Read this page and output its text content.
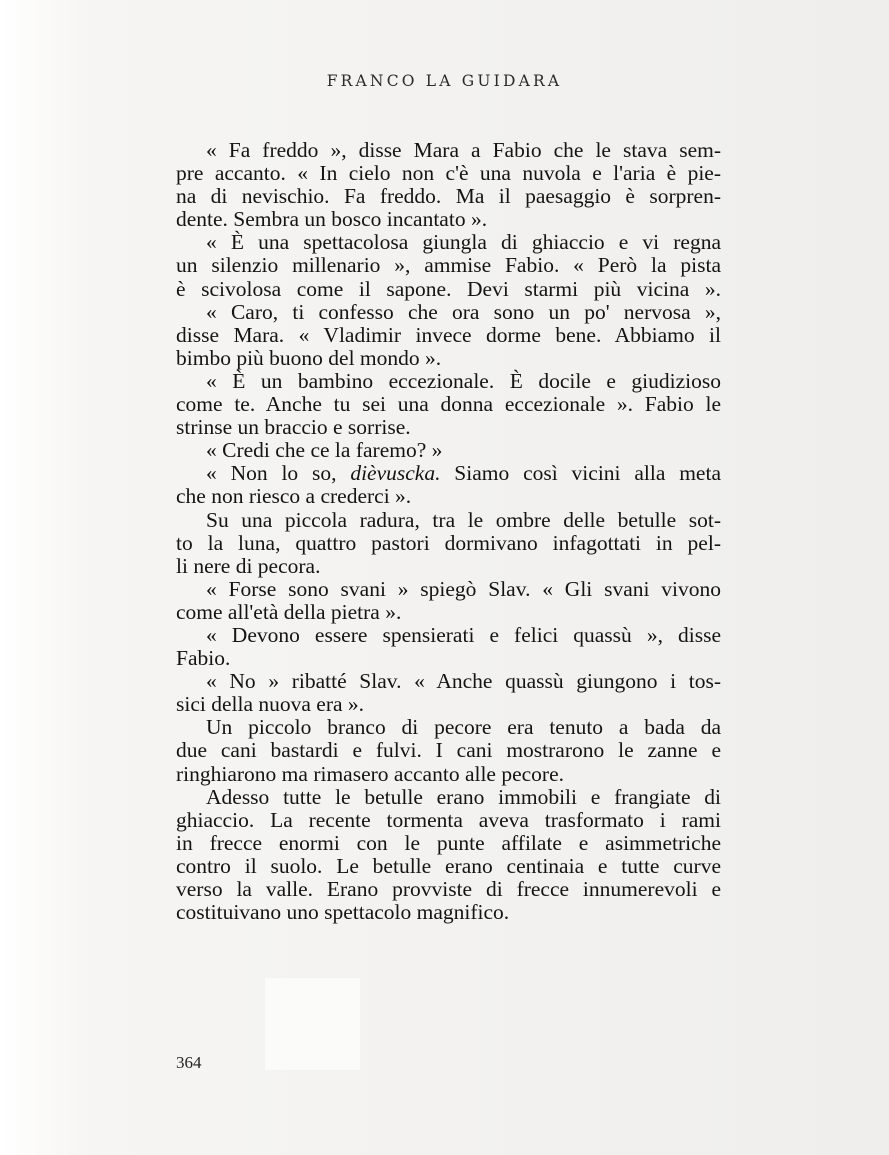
FRANCO LA GUIDARA
« Fa freddo », disse Mara a Fabio che le stava sem-
pre accanto. « In cielo non c'è una nuvola e l'aria è pie-
na di nevischio. Fa freddo. Ma il paesaggio è sorpren-
dente. Sembra un bosco incantato ».
« È una spettacolosa giungla di ghiaccio e vi regna
un silenzio millenario », ammise Fabio. « Però la pista
è scivolosa come il sapone. Devi starmi più vicina ».
« Caro, ti confesso che ora sono un po' nervosa »,
disse Mara. « Vladimir invece dorme bene. Abbiamo il
bimbo più buono del mondo ».
« È un bambino eccezionale. È docile e giudizioso
come te. Anche tu sei una donna eccezionale ». Fabio le
strinse un braccio e sorrise.
« Credi che ce la faremo? »
« Non lo so, dièvuscka. Siamo così vicini alla meta
che non riesco a crederci ».
Su una piccola radura, tra le ombre delle betulle sot-
to la luna, quattro pastori dormivano infagottati in pel-
li nere di pecora.
« Forse sono svani » spiegò Slav. « Gli svani vivono
come all'età della pietra ».
« Devono essere spensierati e felici quassù », disse
Fabio.
« No » ribatté Slav. « Anche quassù giungono i tos-
sici della nuova era ».
Un piccolo branco di pecore era tenuto a bada da
due cani bastardi e fulvi. I cani mostrarono le zanne e
ringhiarono ma rimasero accanto alle pecore.
Adesso tutte le betulle erano immobili e frangiate di
ghiaccio. La recente tormenta aveva trasformato i rami
in frecce enormi con le punte affilate e asimmetriche
contro il suolo. Le betulle erano centinaia e tutte curve
verso la valle. Erano provviste di frecce innumerevoli e
costituivano uno spettacolo magnifico.
364
